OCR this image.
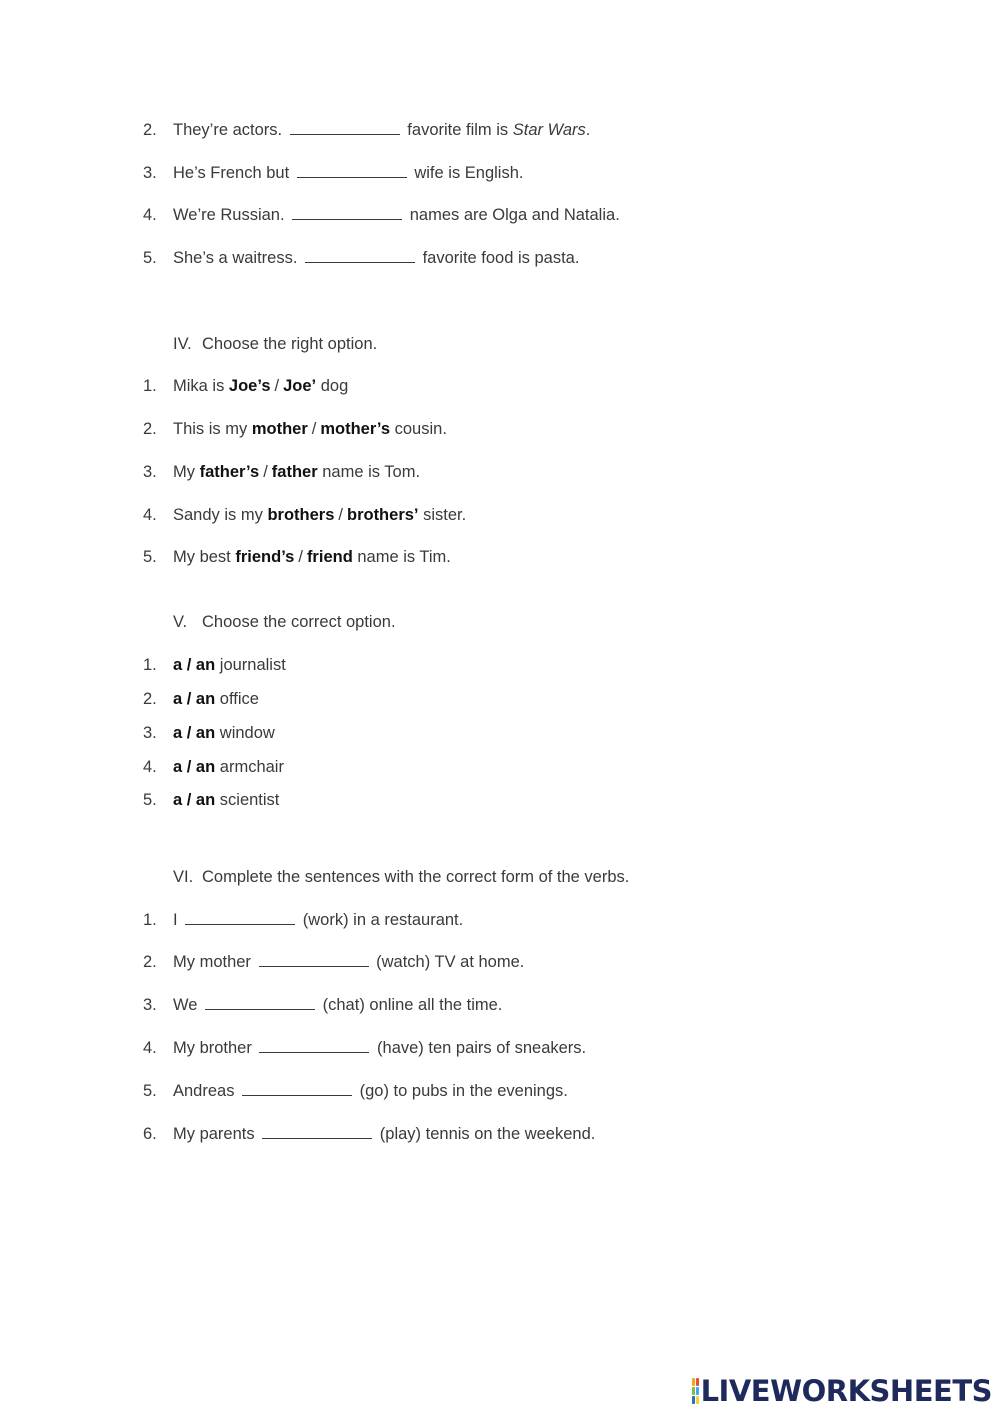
2. They’re actors.	favorite film is Star Wars.
3. He’s French but	wife is English.
4. We’re Russian.	names are Olga and Natalia.
5. She’s a waitress.	favorite food is pasta.
IV. Choose the right option.
1. Mika is Joe’s / Joe’ dog
2. This is my mother / mother’s cousin.
3. My father’s / father name is Tom.
4. Sandy is my brothers / brothers’ sister.
5. My best friend’s / friend name is Tim.
V. Choose the correct option.
1. a / an journalist
2. a / an office
3. a / an window
4. a / an armchair
5. a / an scientist
VI. Complete the sentences with the correct form of the verbs.
1. I	(work) in a restaurant.
2. My mother	(watch) TV at home.
3. We	(chat) online all the time.
4. My brother	(have) ten pairs of sneakers.
5. Andreas	(go) to pubs in the evenings.
6. My parents	(play) tennis on the weekend.
LIVEWORKSHEETS
